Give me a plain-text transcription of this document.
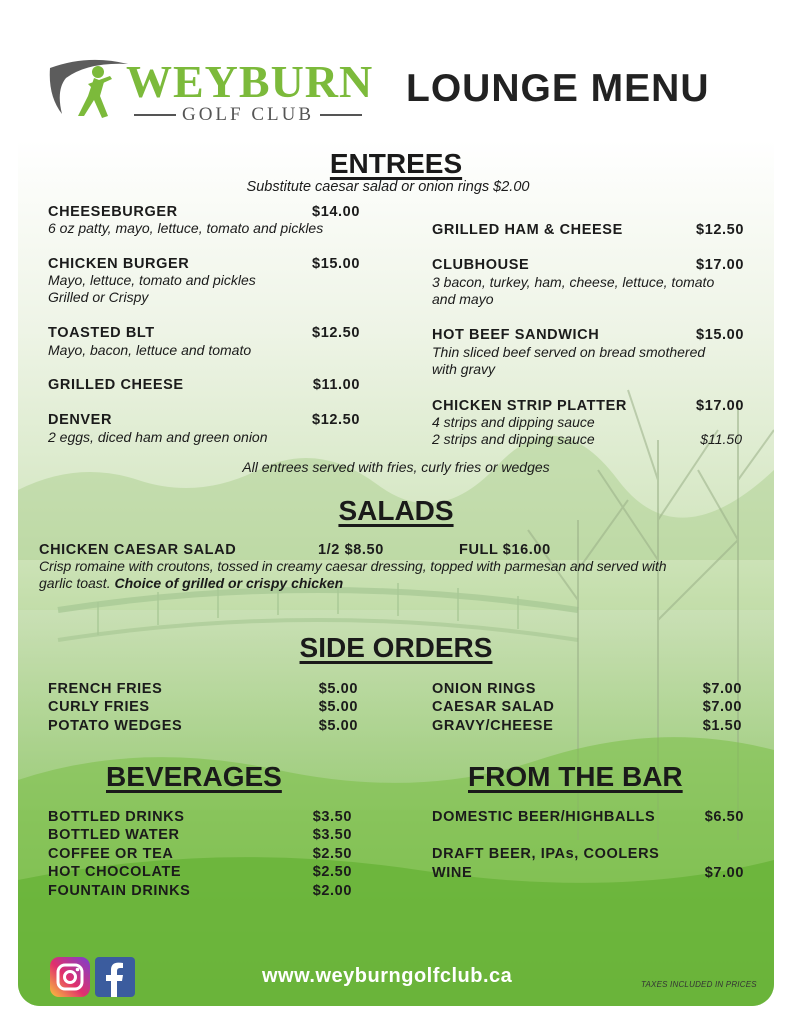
WEYBURN
GOLF CLUB
LOUNGE MENU
ENTREES
Substitute caesar salad or onion rings $2.00
CHEESEBURGER	$14.00
6 oz patty, mayo, lettuce, tomato and pickles
CHICKEN BURGER	$15.00
Mayo, lettuce, tomato and pickles
Grilled or Crispy
TOASTED BLT	$12.50
Mayo, bacon, lettuce and tomato
GRILLED CHEESE	$11.00
DENVER	$12.50
2 eggs, diced ham and green onion
GRILLED HAM & CHEESE	$12.50
CLUBHOUSE	$17.00
3 bacon, turkey, ham, cheese, lettuce, tomato
and mayo
HOT BEEF SANDWICH	$15.00
Thin sliced beef served on bread smothered
with gravy
CHICKEN STRIP PLATTER	$17.00
4 strips and dipping sauce
2 strips and dipping sauce	$11.50
All entrees served with fries, curly fries or wedges
SALADS
CHICKEN CAESAR SALAD	1/2 $8.50	FULL $16.00
Crisp romaine with croutons, tossed in creamy caesar dressing, topped with parmesan and served with
garlic toast. Choice of grilled or crispy chicken
SIDE ORDERS
FRENCH FRIES	$5.00
CURLY FRIES	$5.00
POTATO WEDGES	$5.00
ONION RINGS	$7.00
CAESAR SALAD	$7.00
GRAVY/CHEESE	$1.50
BEVERAGES
BOTTLED DRINKS	$3.50
BOTTLED WATER	$3.50
COFFEE OR TEA	$2.50
HOT CHOCOLATE	$2.50
FOUNTAIN DRINKS	$2.00
FROM THE BAR
DOMESTIC BEER/HIGHBALLS	$6.50
DRAFT BEER, IPAs, COOLERS
WINE	$7.00
www.weyburngolfclub.ca	TAXES INCLUDED IN PRICES
